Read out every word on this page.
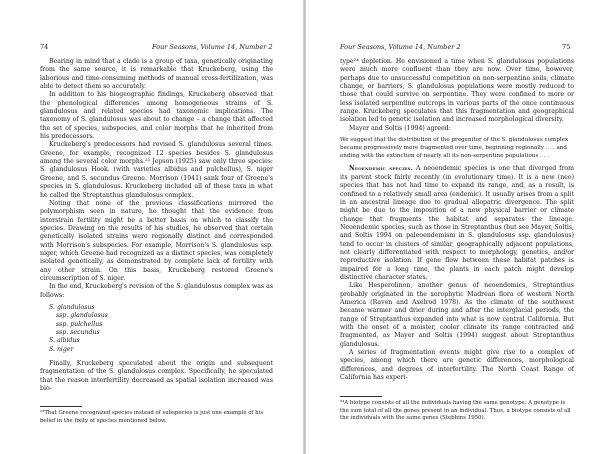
74	Four Seasons, Volume 14, Number 2

Bearing in mind that a clade is a group of taxa, genetically originating from the same source, it is remarkable that Kruckeberg, using the laborious and time-consuming methods of manual cross-fertilization, was able to detect them so accurately.

In addition to his biogeographic findings, Kruckeberg observed that the phenological differences among homogeneous strains of S. glandulosus and related species had taxonomic implications. The taxonomy of S. glandulosus was about to change – a change that affected the set of species, subspecies, and color morphs that he inherited from his predecessors.

Kruckeberg's predecessors had revised S. glandulosus several times. Greene, for example, recognized 12 species besides S. glandulosus among the several color morphs.²³ Jepson (1925) saw only three species: S. glandulosus Hook. (with varieties albidus and pulchellus), S. niger Greene, and S. secundus Greene. Morrison (1941) sank four of Greene's species in S. glandulosus. Kruckeberg included all of these taxa in what he called the Streptanthus glandulosus complex.

Noting that none of the previous classifications mirrored the polymorphism seen in nature, he thought that the evidence from interstrain fertility might be a better basis on which to classify the species. Drawing on the results of his studies, he observed that certain genetically isolated strains were regionally distinct and corresponded with Morrison's subspecies. For example, Morrison's S. glandulosus ssp. niger, which Greene had recognized as a distinct species, was completely isolated genetically, as demonstrated by complete lack of fertility with any other strain. On this basis, Kruckeberg restored Greene's circumscription of S. niger.

In the end, Kruckeberg's revision of the S. glandulosus complex was as follows:

S. glandulosus
ssp. glandulosus
ssp. pulchellus
ssp. secundus
S. albidus
S. niger

Finally, Kruckeberg speculated about the origin and subsequent fragmentation of the S. glandulosus complex. Specifically, he speculated that the reason interfertility decreased as spatial isolation increased was bio-

²³That Greene recognized species instead of subspecies is just one example of his belief in the fixity of species mentioned below.
Four Seasons, Volume 14, Number 2	75

type²⁴ depletion. He envisioned a time when S. glandulosus populations were much more confluent than they are now. Over time, however, perhaps due to unsuccessful competition on non-serpentine soils, climate change, or barriers, S. glandulosus populations were mostly reduced to those that could survive on serpentine. They were confined to more or less isolated serpentine outcrops in various parts of the once continuous range. Kruckeberg speculates that this fragmentation and geographical isolation led to genetic isolation and increased morphological diversity.

Mayer and Soltis (1994) agreed:

We suggest that the distribution of the progenitor of the S. glandulosus complex became progressively more fragmented over time, beginning regionally . . . and ending with the extinction of nearly all its non-serpentine populations . . .

Neoendemic species. A neoendemic species is one that diverged from its parent stock fairly recently (in evolutionary time). It is a new (neo) species that has not had time to expand its range, and, as a result, is confined to a relatively small area (endemic). It usually arises from a split in an ancestral lineage due to gradual allopatric divergence. The split might be due to the imposition of a new physical barrier or climate change that fragments the habitat and separates the lineage. Neoendemic species, such as those in Streptanthus (but see Mayer, Soltis, and Soltis 1994 on paleoendemism in S. glandulosus ssp. glandulosus) tend to occur in clusters of similar, geographically adjacent populations, not clearly differentiated with respect to morphology, genetics, and/or reproductive isolation. If gene flow between these habitat patches is impaired for a long time, the plants in each patch might develop distinctive character states.

Like Hesperolinon, another genus of neoendemics, Streptanthus probably originated in the xerophytic Madrean flora of western North America (Raven and Axelrod 1978). As the climate of the southwest became warmer and drier during and after the interglacial periods, the range of Streptanthus expanded into what is now central California. But with the onset of a moister, cooler climate its range contracted and fragmented, as Mayer and Soltis (1994) suggest about Streptanthus glandulosus.

A series of fragmentation events might give rise to a complex of species, among which there are genetic differences, morphological differences, and degrees of interfertility. The North Coast Range of California has experi-

²⁴A biotype consists of all the individuals having the same genotype. A genotype is the sum total of all the genes present in an individual. Thus, a biotype consists of all the individuals with the same genes (Stebbins 1950).
